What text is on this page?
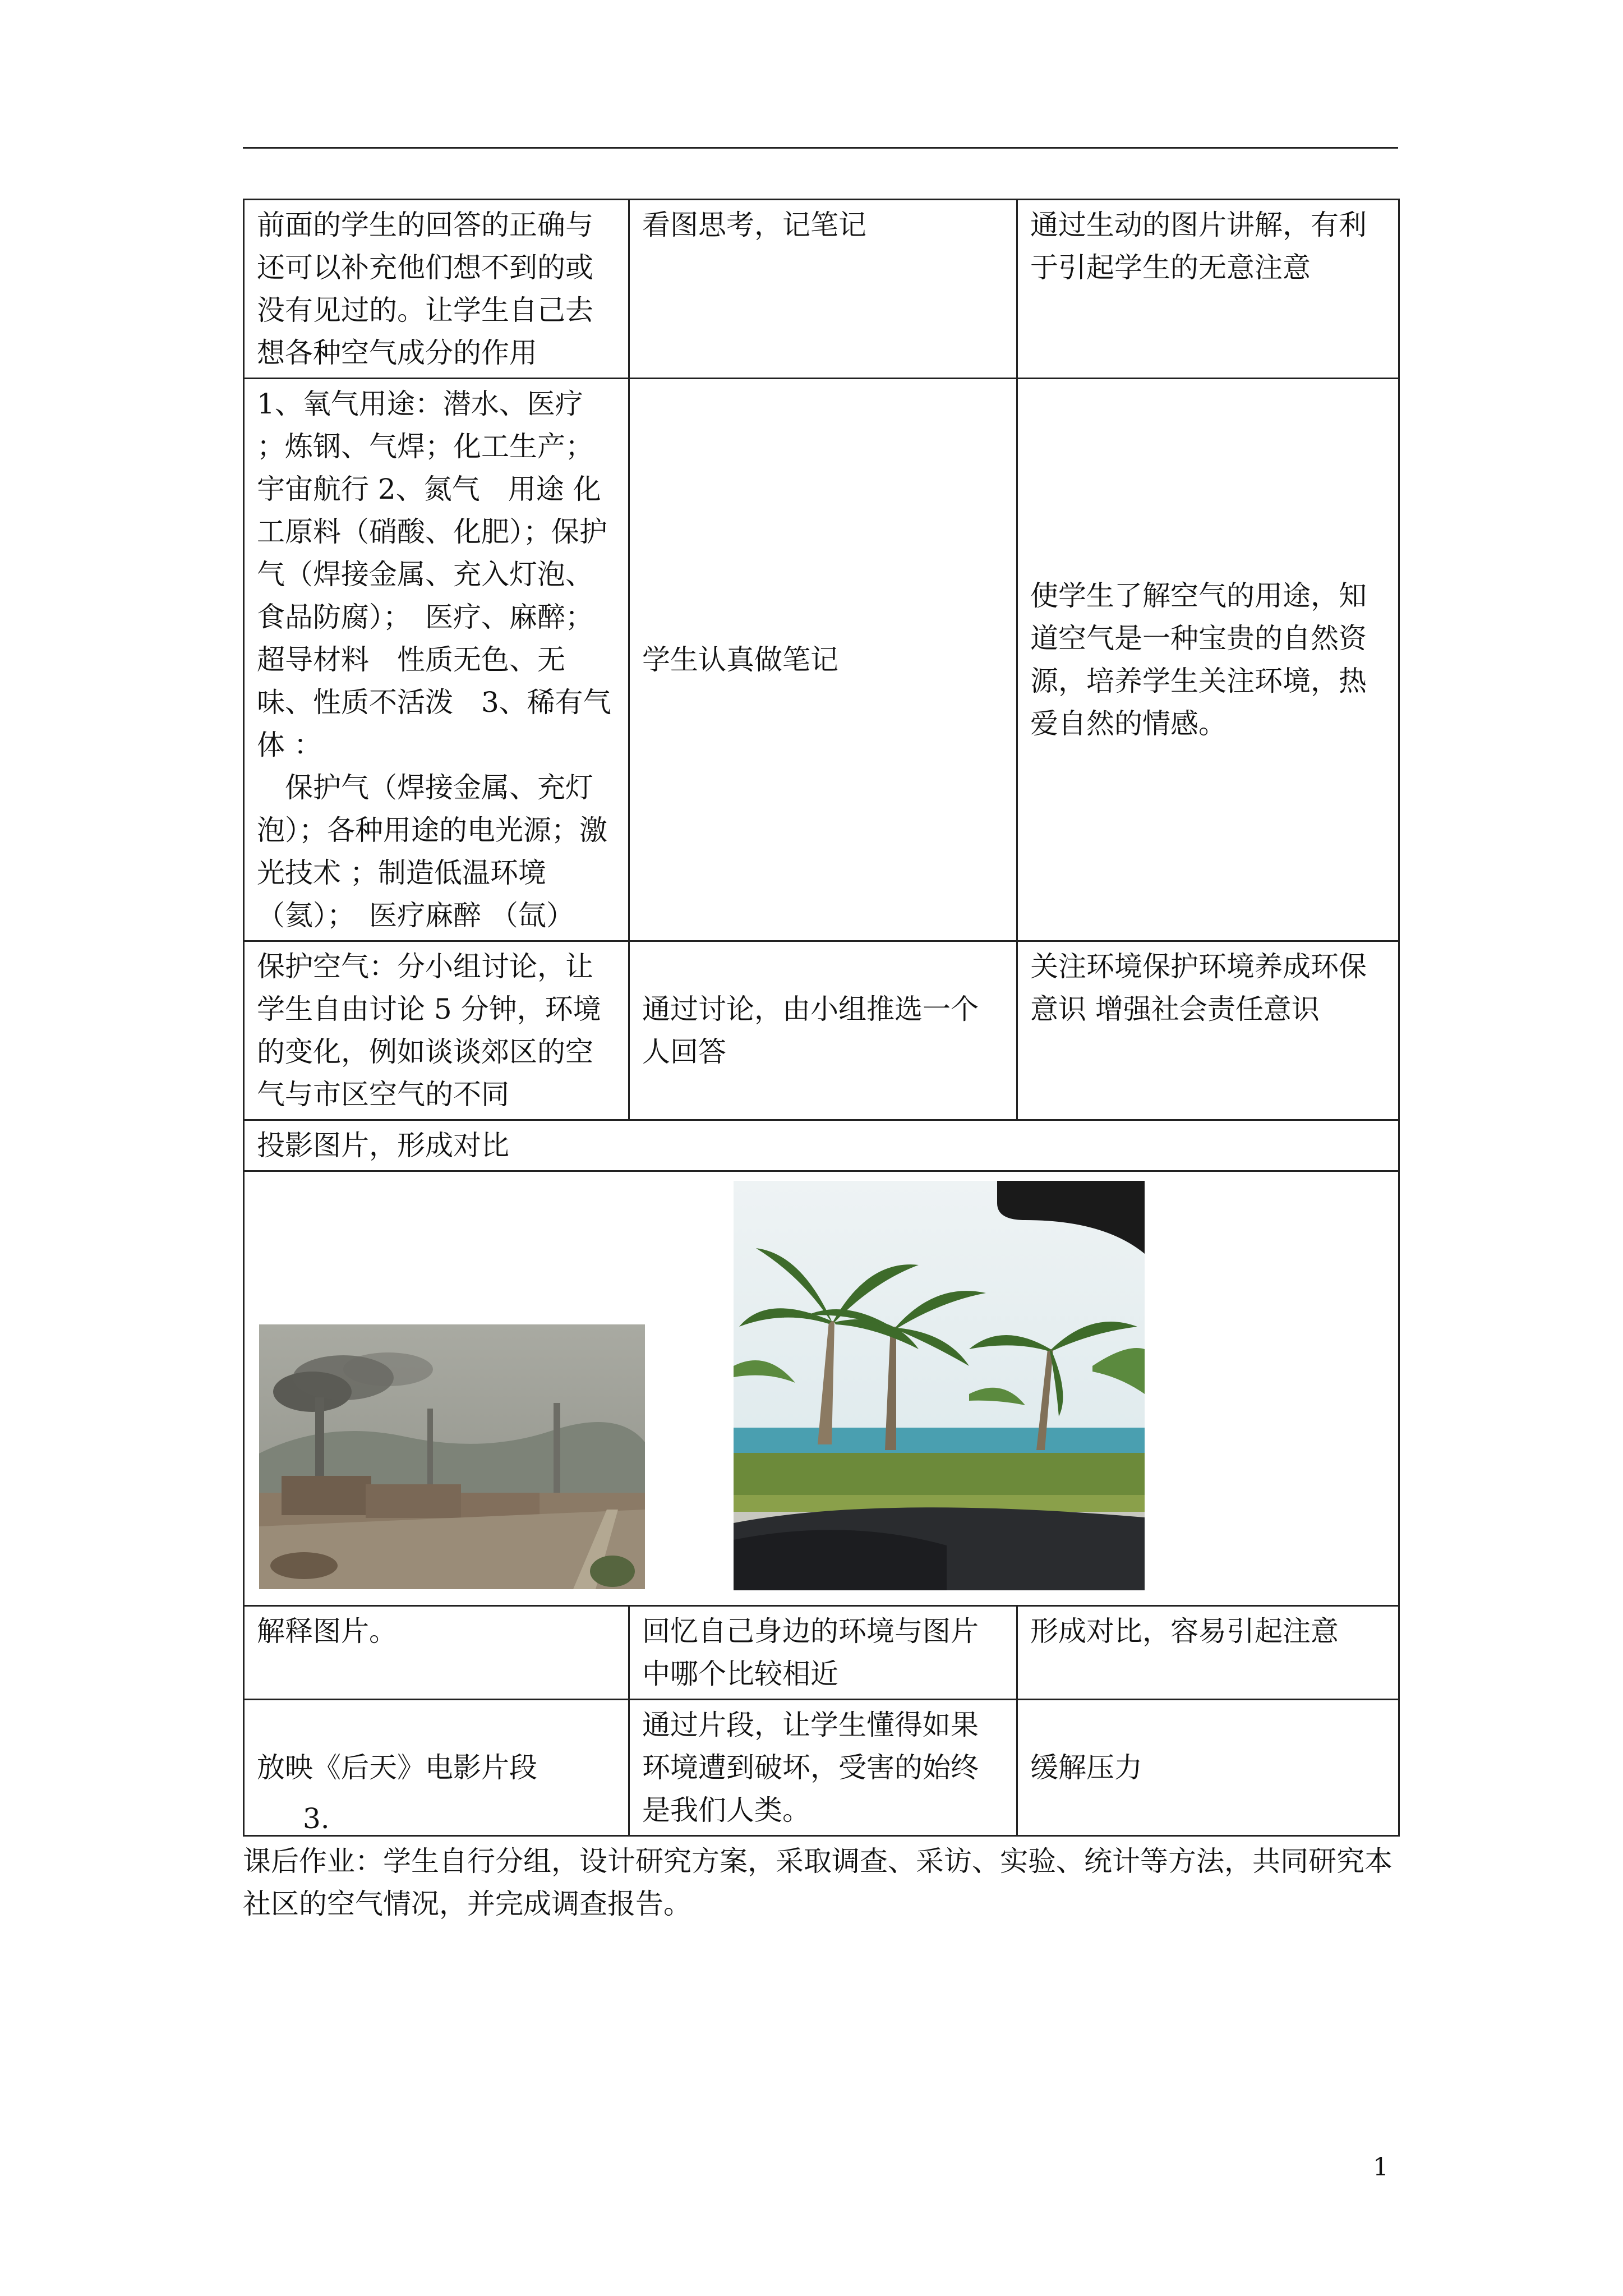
前面的学生的回答的正确与还可以补充他们想不到的或没有见过的。让学生自己去想各种空气成分的作用	看图思考，记笔记	通过生动的图片讲解，有利于引起学生的无意注意
1、氧气用途：潜水、医疗 ；炼钢、气焊；化工生产；宇宙航行 2、氮气　用途 化工原料（硝酸、化肥）；保护气（焊接金属、充入灯泡、食品防腐）；　医疗、麻醉；
超导材料　性质无色、无味、性质不活泼　3、稀有气体 ：
　保护气（焊接金属、充灯泡）；各种用途的电光源；激光技术 ；制造低温环境（氦）；　医疗麻醉 （氙）	学生认真做笔记	使学生了解空气的用途，知道空气是一种宝贵的自然资源，培养学生关注环境，热爱自然的情感。
保护空气：分小组讨论，让学生自由讨论 5 分钟，环境的变化，例如谈谈郊区的空气与市区空气的不同	通过讨论，由小组推选一个人回答	关注环境保护环境养成环保意识 增强社会责任意识
投影图片，形成对比		

解释图片。	回忆自己身边的环境与图片中哪个比较相近	形成对比，容易引起注意
放映《后天》电影片段	通过片段，让学生懂得如果环境遭到破坏，受害的始终是我们人类。	缓解压力

3.

课后作业：学生自行分组，设计研究方案，采取调查、采访、实验、统计等方法，共同研究本社区的空气情况，并完成调查报告。

1
